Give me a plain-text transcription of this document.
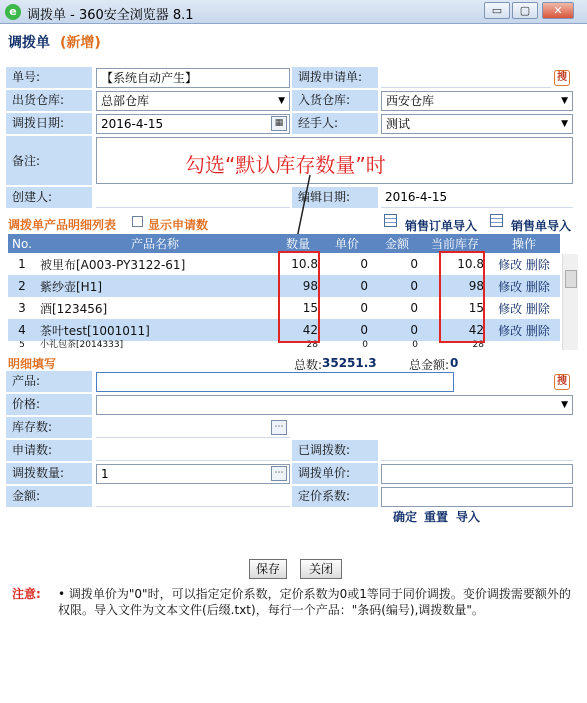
e 调拨单 - 360安全浏览器 8.1	▭	▢	✕
调拨单 (新增)
单号:	【系统自动产生】	调拨申请单:	搜
出货仓库:	总部仓库 ▼	入货仓库:	西安仓库 ▼
调拨日期:	2016-4-15	▦	经手人:	测试 ▼
备注:	勾选“默认库存数量”时
创建人:	编辑日期:	2016-4-15
调拨单产品明细列表	显示申请数	销售订单导入	销售单导入
No.	产品名称	数量	单价	金额	当前库存	操作
1	被里布[A003-PY3122-61]	10.8	0	0	10.8	修改 删除
2	紫纱壶[H1]	98	0	0	98	修改 删除
3	酒[123456]	15	0	0	15	修改 删除
4	茶叶test[1001011]	42	0	0	42	修改 删除
5	小礼包茶[2014333]	28	0	0	28	
总数: 35251.3	总金额: 0
明细填写
产品:	搜
价格:
▼
库存数:	⋯
申请数:	已调拨数:
调拨数量:	1	⋯	调拨单价:
金额:	定价系数:
确定 重置 导入
保存	关闭
注意: • 调拨单价为"0"时，可以指定定价系数，定价系数为0或1等同于同价调拨。变价调拨需要额外的
权限。导入文件为文本文件(后缀.txt)，每行一个产品："条码(编号),调拨数量"。
